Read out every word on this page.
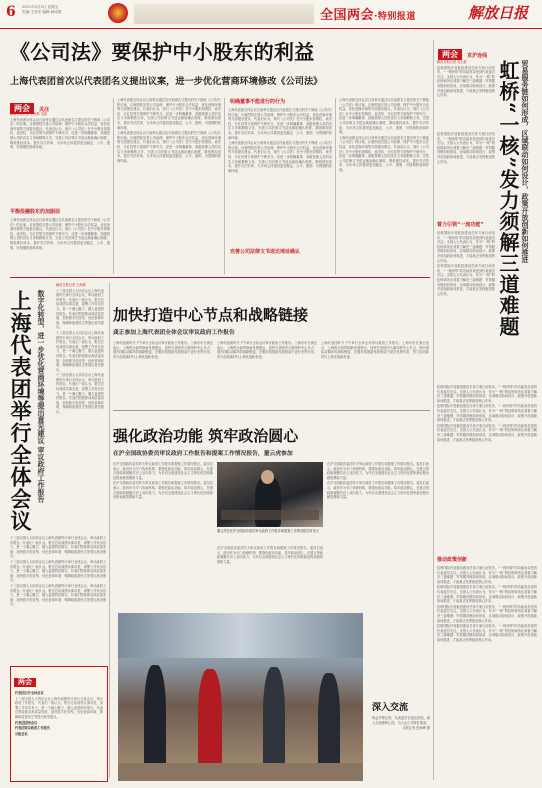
6 2021年3月5日 星期五
责编:王音乐 编辑:韩成圆	全国两会·特别报道	解放日报
《公司法》要保护中小股东的利益
上海代表团首次以代表团名义提出议案，进一步优化营商环境修改《公司法》
两会 关注

解放日报记者 王海燕 吴凯

上海代表团全体会议日前审议通过以代表团名义提出的关于修改《公司法》的议案。议案围绕完善公司治理、保护中小股东合法权益、优化营商环境等方面提出建议。代表们认为，现行《公司法》在中小股东知情权、表决权、分红权等方面保护不够充分，应进一步明确董事、高级管理人员的忠实义务和勤勉义务，完善公司法律文书送达地址确认制度，降低维权成本，提升司法效率，为市场主体提供更加稳定、公平、透明、可预期的营商环境。

平衡投融股东的加剧层

上海代表团全体会议日前审议通过以代表团名义提出的关于修改《公司法》的议案。议案围绕完善公司治理、保护中小股东合法权益、优化营商环境等方面提出建议。代表们认为，现行《公司法》在中小股东知情权、表决权、分红权等方面保护不够充分，应进一步明确董事、高级管理人员的忠实义务和勤勉义务，完善公司法律文书送达地址确认制度，降低维权成本，提升司法效率，为市场主体提供更加稳定、公平、透明、可预期的营商环境。

上海代表团全体会议日前审议通过以代表团名义提出的关于修改《公司法》的议案。议案围绕完善公司治理、保护中小股东合法权益、优化营商环境等方面提出建议。代表们认为，现行《公司法》在中小股东知情权、表决权、分红权等方面保护不够充分，应进一步明确董事、高级管理人员的忠实义务和勤勉义务，完善公司法律文书送达地址确认制度，降低维权成本，提升司法效率，为市场主体提供更加稳定、公平、透明、可预期的营商环境。

上海代表团全体会议日前审议通过以代表团名义提出的关于修改《公司法》的议案。议案围绕完善公司治理、保护中小股东合法权益、优化营商环境等方面提出建议。代表们认为，现行《公司法》在中小股东知情权、表决权、分红权等方面保护不够充分，应进一步明确董事、高级管理人员的忠实义务和勤勉义务，完善公司法律文书送达地址确认制度，降低维权成本，提升司法效率，为市场主体提供更加稳定、公平、透明、可预期的营商环境。

明确董事不能进行的行为

上海代表团全体会议日前审议通过以代表团名义提出的关于修改《公司法》的议案。议案围绕完善公司治理、保护中小股东合法权益、优化营商环境等方面提出建议。代表们认为，现行《公司法》在中小股东知情权、表决权、分红权等方面保护不够充分，应进一步明确董事、高级管理人员的忠实义务和勤勉义务，完善公司法律文书送达地址确认制度，降低维权成本，提升司法效率，为市场主体提供更加稳定、公平、透明、可预期的营商环境。

上海代表团全体会议日前审议通过以代表团名义提出的关于修改《公司法》的议案。议案围绕完善公司治理、保护中小股东合法权益、优化营商环境等方面提出建议。代表们认为，现行《公司法》在中小股东知情权、表决权、分红权等方面保护不够充分，应进一步明确董事、高级管理人员的忠实义务和勤勉义务，完善公司法律文书送达地址确认制度，降低维权成本，提升司法效率，为市场主体提供更加稳定、公平、透明、可预期的营商环境。

完善公司法律文书送达地址确认

上海代表团全体会议日前审议通过以代表团名义提出的关于修改《公司法》的议案。议案围绕完善公司治理、保护中小股东合法权益、优化营商环境等方面提出建议。代表们认为，现行《公司法》在中小股东知情权、表决权、分红权等方面保护不够充分，应进一步明确董事、高级管理人员的忠实义务和勤勉义务，完善公司法律文书送达地址确认制度，降低维权成本，提升司法效率，为市场主体提供更加稳定、公平、透明、可预期的营商环境。

上海代表团全体会议日前审议通过以代表团名义提出的关于修改《公司法》的议案。议案围绕完善公司治理、保护中小股东合法权益、优化营商环境等方面提出建议。代表们认为，现行《公司法》在中小股东知情权、表决权、分红权等方面保护不够充分，应进一步明确董事、高级管理人员的忠实义务和勤勉义务，完善公司法律文书送达地址确认制度，降低维权成本，提升司法效率，为市场主体提供更加稳定、公平、透明、可预期的营商环境。

两会 京沪连线

解放日报记者 吴卫群

虹桥国际开放枢纽建设总体方案日前发布，“一核两带”的功能布局受到代表委员关注。全国人大代表认为，作为“一核”的虹桥商务区须着力解决三道难题：贸易服务链如何形成、区域联动如何设计、政策开放创新如何推进，才能真正发挥枢纽核心作用。	虹桥“一核”发力须解三道难题 贸易服务链如何形成，区域联动如何设计，政策开放创新如何推进

虹桥国际开放枢纽建设总体方案日前发布，“一核两带”的功能布局受到代表委员关注。全国人大代表认为，作为“一核”的虹桥商务区须着力解决三道难题：贸易服务链如何形成、区域联动如何设计、政策开放创新如何推进，才能真正发挥枢纽核心作用。

着力引领“一流功能”

虹桥国际开放枢纽建设总体方案日前发布，“一核两带”的功能布局受到代表委员关注。全国人大代表认为，作为“一核”的虹桥商务区须着力解决三道难题：贸易服务链如何形成、区域联动如何设计、政策开放创新如何推进，才能真正发挥枢纽核心作用。

虹桥国际开放枢纽建设总体方案日前发布，“一核两带”的功能布局受到代表委员关注。全国人大代表认为，作为“一核”的虹桥商务区须着力解决三道难题：贸易服务链如何形成、区域联动如何设计、政策开放创新如何推进，才能真正发挥枢纽核心作用。

虹桥国际开放枢纽建设总体方案日前发布，“一核两带”的功能布局受到代表委员关注。全国人大代表认为，作为“一核”的虹桥商务区须着力解决三道难题：贸易服务链如何形成、区域联动如何设计、政策开放创新如何推进，才能真正发挥枢纽核心作用。

虹桥国际开放枢纽建设总体方案日前发布，“一核两带”的功能布局受到代表委员关注。全国人大代表认为，作为“一核”的虹桥商务区须着力解决三道难题：贸易服务链如何形成、区域联动如何设计、政策开放创新如何推进，才能真正发挥枢纽核心作用。

虹桥国际开放枢纽建设总体方案日前发布，“一核两带”的功能布局受到代表委员关注。全国人大代表认为，作为“一核”的虹桥商务区须着力解决三道难题：贸易服务链如何形成、区域联动如何设计、政策开放创新如何推进，才能真正发挥枢纽核心作用。

推动政策创新

虹桥国际开放枢纽建设总体方案日前发布，“一核两带”的功能布局受到代表委员关注。全国人大代表认为，作为“一核”的虹桥商务区须着力解决三道难题：贸易服务链如何形成、区域联动如何设计、政策开放创新如何推进，才能真正发挥枢纽核心作用。

虹桥国际开放枢纽建设总体方案日前发布，“一核两带”的功能布局受到代表委员关注。全国人大代表认为，作为“一核”的虹桥商务区须着力解决三道难题：贸易服务链如何形成、区域联动如何设计、政策开放创新如何推进，才能真正发挥枢纽核心作用。

虹桥国际开放枢纽建设总体方案日前发布，“一核两带”的功能布局受到代表委员关注。全国人大代表认为，作为“一核”的虹桥商务区须着力解决三道难题：贸易服务链如何形成、区域联动如何设计、政策开放创新如何推进，才能真正发挥枢纽核心作用。

虹桥国际开放枢纽建设总体方案日前发布，“一核两带”的功能布局受到代表委员关注。全国人大代表认为，作为“一核”的虹桥商务区须着力解决三道难题：贸易服务链如何形成、区域联动如何设计、政策开放创新如何推进，才能真正发挥枢纽核心作用。

上海代表团举行全体会议 数字化转型，进一步优化营商环境等提出意见建议 审议政府工作报告

解放日报记者 王海燕

十三届全国人大四次会议上海代表团昨天举行全体会议，审议政府工作报告。代表们一致认为，报告总结成绩实事求是，部署工作务实有力，是一个凝心聚力、催人奋进的好报告。代表们围绕推动高质量发展、加快数字化转型、优化营商环境、保障和改善民生等提出意见建议。

十三届全国人大四次会议上海代表团昨天举行全体会议，审议政府工作报告。代表们一致认为，报告总结成绩实事求是，部署工作务实有力，是一个凝心聚力、催人奋进的好报告。代表们围绕推动高质量发展、加快数字化转型、优化营商环境、保障和改善民生等提出意见建议。

十三届全国人大四次会议上海代表团昨天举行全体会议，审议政府工作报告。代表们一致认为，报告总结成绩实事求是，部署工作务实有力，是一个凝心聚力、催人奋进的好报告。代表们围绕推动高质量发展、加快数字化转型、优化营商环境、保障和改善民生等提出意见建议。

十三届全国人大四次会议上海代表团昨天举行全体会议，审议政府工作报告。代表们一致认为，报告总结成绩实事求是，部署工作务实有力，是一个凝心聚力、催人奋进的好报告。代表们围绕推动高质量发展、加快数字化转型、优化营商环境、保障和改善民生等提出意见建议。

十三届全国人大四次会议上海代表团昨天举行全体会议，审议政府工作报告。代表们一致认为，报告总结成绩实事求是，部署工作务实有力，是一个凝心聚力、催人奋进的好报告。代表们围绕推动高质量发展、加快数字化转型、优化营商环境、保障和改善民生等提出意见建议。

十三届全国人大四次会议上海代表团昨天举行全体会议，审议政府工作报告。代表们一致认为，报告总结成绩实事求是，部署工作务实有力，是一个凝心聚力、催人奋进的好报告。代表们围绕推动高质量发展、加快数字化转型、优化营商环境、保障和改善民生等提出意见建议。

加快打造中心节点和战略链接
龚正参加上海代表团全体会议审议政府工作报告

上海代表团昨天下午举行全体会议审议政府工作报告。上海市市长龚正表示，上海将全面贯彻新发展理念，加快打造国内大循环的中心节点、国内国际双循环的战略链接，在服务构建新发展格局中更好发挥作用，努力创造新时代上海发展新奇迹。

上海代表团昨天下午举行全体会议审议政府工作报告。上海市市长龚正表示，上海将全面贯彻新发展理念，加快打造国内大循环的中心节点、国内国际双循环的战略链接，在服务构建新发展格局中更好发挥作用，努力创造新时代上海发展新奇迹。

上海代表团昨天下午举行全体会议审议政府工作报告。上海市市长龚正表示，上海将全面贯彻新发展理念，加快打造国内大循环的中心节点、国内国际双循环的战略链接，在服务构建新发展格局中更好发挥作用，努力创造新时代上海发展新奇迹。

强化政治功能 筑牢政治圆心
在沪全国政协委员审议政府工作报告和提案工作情况报告，董云虎参加

在沪全国政协委员昨天审议政府工作报告和提案工作情况报告。委员们表示，政协作为专门协商机构，要强化政治功能，筑牢政治圆心，在建言资政和凝聚共识上双向发力，为开启全面建设社会主义现代化国家新征程贡献智慧和力量。

在沪全国政协委员昨天审议政府工作报告和提案工作情况报告。委员们表示，政协作为专门协商机构，要强化政治功能，筑牢政治圆心，在建言资政和凝聚共识上双向发力，为开启全面建设社会主义现代化国家新征程贡献智慧和力量。

董云虎在在沪全国政协委员审议政府工作报告和提案工作情况报告时发言

在沪全国政协委员昨天审议政府工作报告和提案工作情况报告。委员们表示，政协作为专门协商机构，要强化政治功能，筑牢政治圆心，在建言资政和凝聚共识上双向发力，为开启全面建设社会主义现代化国家新征程贡献智慧和力量。

在沪全国政协委员昨天审议政府工作报告和提案工作情况报告。委员们表示，政协作为专门协商机构，要强化政治功能，筑牢政治圆心，在建言资政和凝聚共识上双向发力，为开启全面建设社会主义现代化国家新征程贡献智慧和力量。

在沪全国政协委员昨天审议政府工作报告和提案工作情况报告。委员们表示，政协作为专门协商机构，要强化政治功能，筑牢政治圆心，在建言资政和凝聚共识上双向发力，为开启全面建设社会主义现代化国家新征程贡献智慧和力量。

深入交流

两会开幕在即，代表委员们抵达驻地，深入交流履职心得，为大会召开做好准备。

本报记者 张海峰 摄

两会

代表团召开全体会议

十三届全国人大四次会议上海代表团昨天举行全体会议，审议政府工作报告。代表们一致认为，报告总结成绩实事求是，部署工作务实有力，是一个凝心聚力、催人奋进的好报告。代表们围绕推动高质量发展、加快数字化转型、优化营商环境、保障和改善民生等提出意见建议。

代表团团务会议

代表团审议政府工作报告

分组会议
